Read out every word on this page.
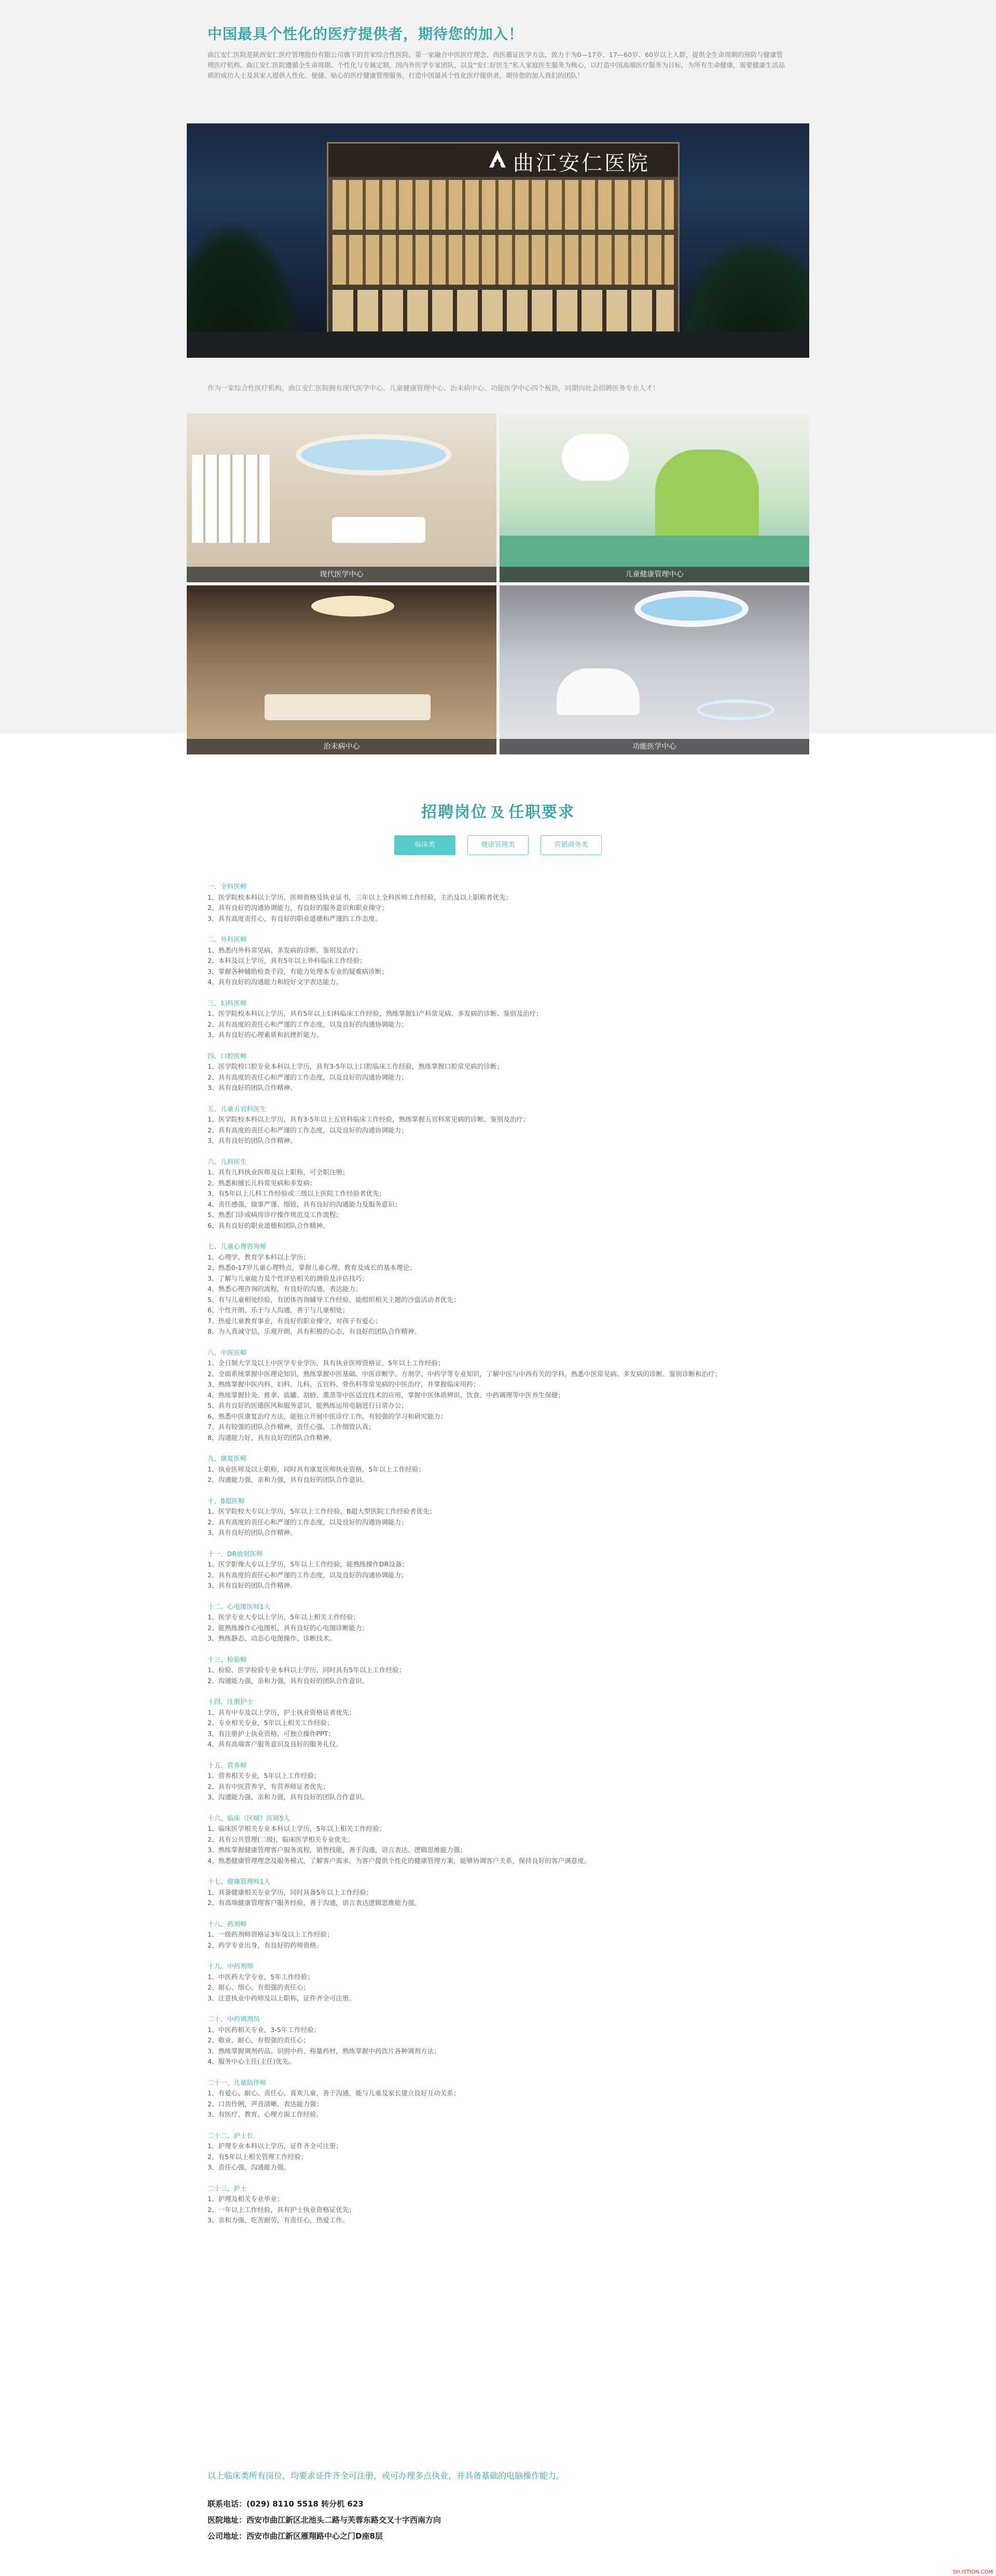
中国最具个性化的医疗提供者，期待您的加入！

曲江安仁医院是陕西安仁医疗管理股份有限公司旗下的首家综合性医院。第一家融合中医医疗理念、西医循证医学方法，致力于为0—17岁、17—60岁、60岁以上人群，提供全生命周期的预防与健康管理医疗机构。曲江安仁医院遵循全生命周期、个性化与专属定制，国内外医学专家团队，以及“安仁好医生”私人家庭医生服务为核心，以打造中国高端医疗服务为目标，为所有生命健康，需要健康生活品质的成功人士及其家人提供人性化、便捷、贴心的医疗健康管理服务，打造中国最具个性化医疗提供者，期待您的加入我们的团队！

曲江安仁医院

作为一家综合性医疗机构，曲江安仁医院拥有现代医学中心、儿童健康管理中心、治未病中心、功能医学中心四个板块，同期向社会招聘医务专业人才！

现代医学中心	儿童健康管理中心
治未病中心	功能医学中心
招聘岗位 及 任职要求
临床类	健康管理类	营销商务类
一、全科医师
1、医学院校本科以上学历，医师资格及执业证书，三年以上全科医师工作经验，主治及以上职称者优先；
2、具有良好的沟通协调能力，有良好的服务意识和职业操守；
3、具有高度责任心，有良好的职业道德和严谨的工作态度。
二、外科医师
1、熟悉内外科常见病、多发病的诊断、鉴别及治疗；
2、本科及以上学历，具有5年以上外科临床工作经验；
3、掌握各种辅助检查手段，有能力处理本专业的疑难病诊断；
4、具有良好的沟通能力和较好文字表达能力。
三、妇科医师
1、医学院校本科以上学历，具有5年以上妇科临床工作经验，熟练掌握妇产科常见病、多发病的诊断、鉴别及治疗；
2、具有高度的责任心和严谨的工作态度，以及良好的沟通协调能力；
3、具有良好的心理素质和抗挫折能力。
四、口腔医师
1、医学院校口腔专业本科以上学历，具有3-5年以上口腔临床工作经验，熟练掌握口腔常见病的诊断；
2、具有高度的责任心和严谨的工作态度，以及良好的沟通协调能力；
3、具有良好的团队合作精神。
五、儿童五官科医生
1、医学院校本科以上学历，具有3-5年以上五官科临床工作经验，熟练掌握五官科常见病的诊断、鉴别及治疗；
2、具有高度的责任心和严谨的工作态度，以及良好的沟通协调能力；
3、具有良好的团队合作精神。
六、儿科医生
1、具有儿科执业医师及以上职称，可全职注册；
2、熟悉和擅长儿科常见病和多发病；
3、有5年以上儿科工作经验或三级以上医院工作经验者优先；
4、责任感强，做事严谨、细致，具有良好的沟通能力及服务意识；
5、熟悉门诊或病房诊疗操作规范及工作流程；
6、具有良好的职业道德和团队合作精神。
七、儿童心理咨询师
1、心理学、教育学本科以上学历；
2、熟悉0-17岁儿童心理特点，掌握儿童心理、教育及成长的基本理论；
3、了解与儿童能力及个性评估相关的测验及评估技巧；
4、熟悉心理咨询的流程，有良好的沟通、表达能力；
5、有与儿童相处经验，有团体咨询辅导工作经验、能组织相关主题的沙盘活动者优先；
6、个性开朗，乐于与人沟通，善于与儿童相处；
7、热爱儿童教育事业，有良好的职业操守，对孩子有爱心；
8、为人真诚守信，乐观开朗，具有积极的心态，有良好的团队合作精神。
八、中医医师
1、全日制大学及以上中医学专业学历，具有执业医师资格证，5年以上工作经验；
2、全面系统掌握中医理论知识，熟练掌握中医基础、中医诊断学、方剂学、中药学等专业知识，了解中医与中西有关的学科，熟悉中医常见病、多发病的诊断、鉴别诊断和治疗；
3、熟练掌握中医内科、妇科、儿科、五官科、骨伤科等常见病的中医治疗，并掌握临床用药；
4、熟练掌握针灸、推拿、拔罐、刮痧、熏蒸等中医适宜技术的应用，掌握中医体质辨识、饮食、中药调理等中医养生保健；
5、具有良好的医德医风和服务意识，能熟练运用电脑进行日常办公；
6、熟悉中医康复治疗方法，能独立开展中医诊疗工作，有较强的学习和研究能力；
7、具有较强的团队合作精神，责任心强，工作细致认真；
8、沟通能力好，具有良好的团队合作精神。
九、康复医师
1、执业医师及以上职称，同时具有康复医师执业资格，5年以上工作经验；
2、沟通能力强，亲和力强，具有良好的团队合作意识。
十、B超医师
1、医学院校大专以上学历，5年以上工作经验，B超大型医院工作经验者优先；
2、具有高度的责任心和严谨的工作态度，以及良好的沟通协调能力；
3、具有良好的团队合作精神。
十一、DR放射医师
1、医学影像大专以上学历，5年以上工作经验，能熟练操作DR设备；
2、具有高度的责任心和严谨的工作态度，以及良好的沟通协调能力；
3、具有良好的团队合作精神。
十二、心电图医师1人
1、医学专业大专以上学历，5年以上相关工作经验；
2、能熟练操作心电图机，具有良好的心电图诊断能力；
3、熟练静态、动态心电图操作、诊断技术。
十三、检验师
1、检验、医学检验专业本科以上学历，同时具有5年以上工作经验；
2、沟通能力强，亲和力强，具有良好的团队合作意识。
十四、注册护士
1、具有中专及以上学历，护士执业资格证者优先；
2、专业相关专业，5年以上相关工作经验；
3、有注册护士执业资格，可独立操作PPT；
4、具有高端客户服务意识及良好的服务礼仪。
十五、营养师
1、营养相关专业，5年以上工作经验；
2、具有中医营养学，有营养师证者优先；
3、沟通能力强，亲和力强，具有良好的团队合作意识。
十六、临床（区域）医师5人
1、临床医学相关专业本科以上学历，5年以上相关工作经验；
2、具有公共管理(二级)，临床医学相关专业优先；
3、熟练掌握健康管理客户服务流程，销售技能，善于沟通，语言表达、逻辑思维能力强；
4、熟悉健康管理理念及服务模式，了解客户需求，为客户提供个性化的健康管理方案，能够协调客户关系，保持良好的客户满意度。
十七、健康管理师1人
1、具备健康相关专业学历，同时具备5年以上工作经验；
2、有高端健康管理客户服务经验，善于沟通，语言表达逻辑思维能力强。
十八、药剂师
1、一级药剂师资格证3年及以上工作经验；
2、药学专业出身，有良好的药师资格。
十九、中药剂师
1、中医药大学专业，5年工作经验；
2、耐心、细心、有很强的责任心；
3、注意执业中药师及以上职称，证件齐全可注册。
二十、中药调剂员
1、中医药相关专业，3-5年工作经验；
2、敬业、耐心，有很强的责任心；
3、熟练掌握调剂药品、识别中药、称量药材，熟练掌握中药饮片各种调剂方法；
4、服务中心主任(主任)优先。
二十一、儿童陪伴师
1、有爱心、耐心、责任心，喜欢儿童，善于沟通，能与儿童及家长建立良好互动关系；
2、口齿伶俐，声音清晰，表达能力强；
3、有医疗、教育、心理方面工作经验。
二十二、护士长
1、护理专业本科以上学历，证件齐全可注册；
2、有5年以上相关管理工作经验；
3、责任心强，沟通能力强。
二十三、护士
1、护理及相关专业毕业；
2、一年以上工作经验，具有护士执业资格证优先；
3、亲和力强，吃苦耐劳，有责任心，热爱工作。

以上临床类所有岗位，均要求证件齐全可注册，或可办理多点执业，并具备基础的电脑操作能力。

联系电话：(029) 8110 5518 转分机 623
医院地址：西安市曲江新区北池头二路与芙蓉东路交叉十字西南方向
公司地址：西安市曲江新区雁翔路中心之门D座8层
SH.ISTION.COM
